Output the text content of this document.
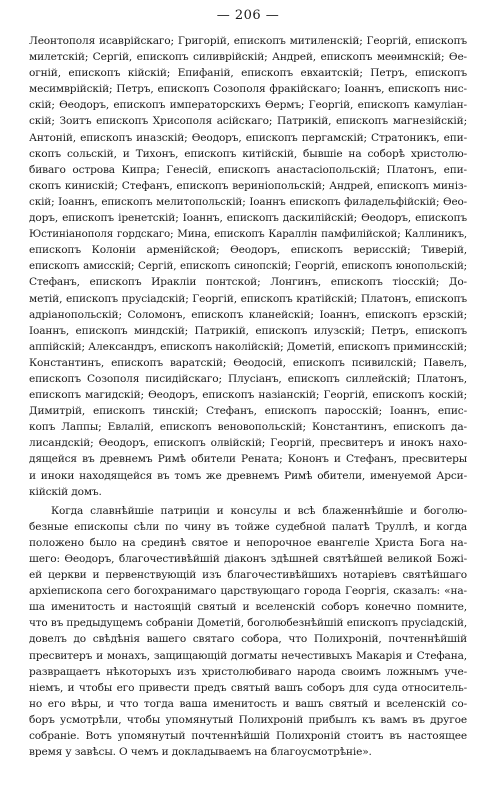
— 206 —

Леонтополя исаврійскаго; Григорій, епископъ митиленскій; Георгій, епископъ

милетскій; Сергій, епископъ силиврійскій; Андрей, епископъ меѳимнскій; Ѳе-

огній, епископъ кійскій; Епифаній, епископъ евхаитскій; Петръ, епископъ

месимврійскій; Петръ, епископъ Созополя фракійскаго; Іоаннъ, епископъ нис-

скій; Ѳеодоръ, епископъ императорскихъ Ѳермъ; Георгій, епископъ камуліан-

скій; Зоитъ епископъ Хрисополя асійскаго; Патрикій, епископъ магнезійскій;

Антоній, епископъ иназскій; Ѳеодоръ, епископъ пергамскій; Стратоникъ, епи-

скопъ сольскій, и Тихонъ, епископъ китійскій, бывшіе на соборѣ христолю-

биваго острова Кипра; Генесій, епископъ анастасіопольскій; Платонъ, епи-

скопъ кинискій; Стефанъ, епископъ вериніопольскій; Андрей, епископъ миніз-

скій; Іоаннъ, епископъ мелитопольскій; Іоаннъ епископъ филадельфійскій; Ѳео-

доръ, епископъ іренетскій; Іоаннъ, епископъ даскилійскій; Ѳеодоръ, епископъ

Юстиніанополя гордскаго; Мина, епископъ Караллін памфилійской; Каллиникъ,

епископъ Колоніи арменійской; Ѳеодоръ, епископъ верисскій; Тиверій,

епископъ амисскій; Сергій, епископъ синопскій; Георгій, епископъ юнопольскій;

Стефанъ, епископъ Иракліи понтской; Лонгинъ, епископъ тіосскій; До-

метій, епископъ прусіадскій; Георгій, епископъ кратійскій; Платонъ, епископъ

адріанопольскій; Соломонъ, епископъ кланейскій; Іоаннъ, епископъ ерзскій;

Іоаннъ, епископъ миндскій; Патрикій, епископъ илузскій; Петръ, епископъ

аппійскій; Александръ, епископъ наколійскій; Дометій, епископъ приминсскій;

Константинъ, епископъ варатскій; Ѳеодосій, епископъ псивилскій; Павелъ,

епископъ Созополя писидійскаго; Плусіанъ, епископъ силлейскій; Платонъ,

епископъ магидскій; Ѳеодоръ, епископъ назіанскій; Георгій, епископъ коскій;

Димитрій, епископъ тинскій; Стефанъ, епископъ паросскій; Іоаннъ, епис-

копъ Лаппы; Евлалій, епископъ веновопольскій; Константинъ, епископъ да-

лисандскій; Ѳеодоръ, епископъ олвійскій; Георгій, пресвитеръ и инокъ нахо-

дящейся въ древнемъ Римѣ обители Рената; Кононъ и Стефанъ, пресвитеры

и иноки находящейся въ томъ же древнемъ Римѣ обители, именуемой Арси-

кійскій домъ.

Когда славнѣйшіе патриціи и консулы и всѣ блаженнѣйшіе и боголю-

безные епископы сѣли по чину въ тойже судебной палатѣ Труллѣ, и когда

положено было на срединѣ святое и непорочное евангеліе Христа Бога на-

шего: Ѳеодоръ, благочестивѣйшій діаконъ здѣшней святѣйшей великой Божі-

ей церкви и первенствующій изъ благочестивѣйшихъ нотаріевъ святѣйшаго

архіепископа сего богохранимаго царствующаго города Георгія, сказалъ: «на-

ша именитость и настоящій святый и вселенскій соборъ конечно помните,

что въ предыдущемъ собраніи Дометій, боголюбезнѣйшій епископъ прусіадскій,

довелъ до свѣдѣнія вашего святаго собора, что Полихроній, почтеннѣйшій

пресвитеръ и монахъ, защищающій догматы нечестивыхъ Макарія и Стефана,

развращаетъ нѣкоторыхъ изъ христолюбиваго народа своимъ ложнымъ уче-

ніемъ, и чтобы его привести предъ святый вашъ соборъ для суда относитель-

но его вѣры, и что тогда ваша именитость и вашъ святый и вселенскій со-

боръ усмотрѣли, чтобы упомянутый Полихроній прибылъ къ вамъ въ другое

собраніе. Вотъ упомянутый почтеннѣйшій Полихроній стоитъ въ настоящее

время у завѣсы. О чемъ и докладываемъ на благоусмотрѣніе».
